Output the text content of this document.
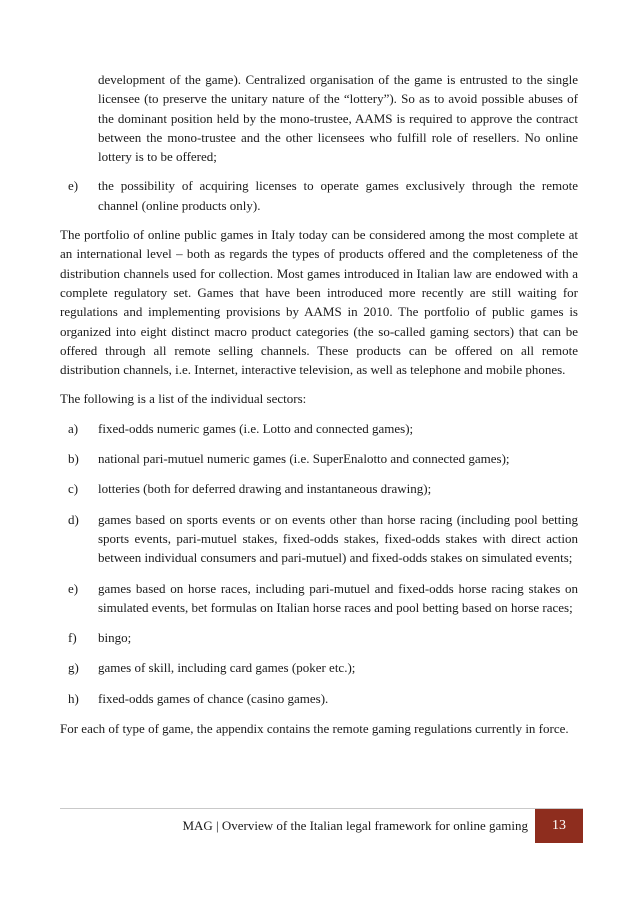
development of the game). Centralized organisation of the game is entrusted to the single licensee (to preserve the unitary nature of the “lottery”). So as to avoid possible abuses of the dominant position held by the mono-trustee, AAMS is required to approve the contract between the mono-trustee and the other licensees who fulfill role of resellers. No online lottery is to be offered;

e) the possibility of acquiring licenses to operate games exclusively through the remote channel (online products only).

The portfolio of online public games in Italy today can be considered among the most complete at an international level – both as regards the types of products offered and the completeness of the distribution channels used for collection. Most games introduced in Italian law are endowed with a complete regulatory set. Games that have been introduced more recently are still waiting for regulations and implementing provisions by AAMS in 2010. The portfolio of public games is organized into eight distinct macro product categories (the so-called gaming sectors) that can be offered through all remote selling channels. These products can be offered on all remote distribution channels, i.e. Internet, interactive television, as well as telephone and mobile phones.

The following is a list of the individual sectors:

a) fixed-odds numeric games (i.e. Lotto and connected games);
b) national pari-mutuel numeric games (i.e. SuperEnalotto and connected games);
c) lotteries (both for deferred drawing and instantaneous drawing);
d) games based on sports events or on events other than horse racing (including pool betting sports events, pari-mutuel stakes, fixed-odds stakes, fixed-odds stakes with direct action between individual consumers and pari-mutuel) and fixed-odds stakes on simulated events;
e) games based on horse races, including pari-mutuel and fixed-odds horse racing stakes on simulated events, bet formulas on Italian horse races and pool betting based on horse races;
f) bingo;
g) games of skill, including card games (poker etc.);
h) fixed-odds games of chance (casino games).

For each of type of game, the appendix contains the remote gaming regulations currently in force.

MAG | Overview of the Italian legal framework for online gaming 13
